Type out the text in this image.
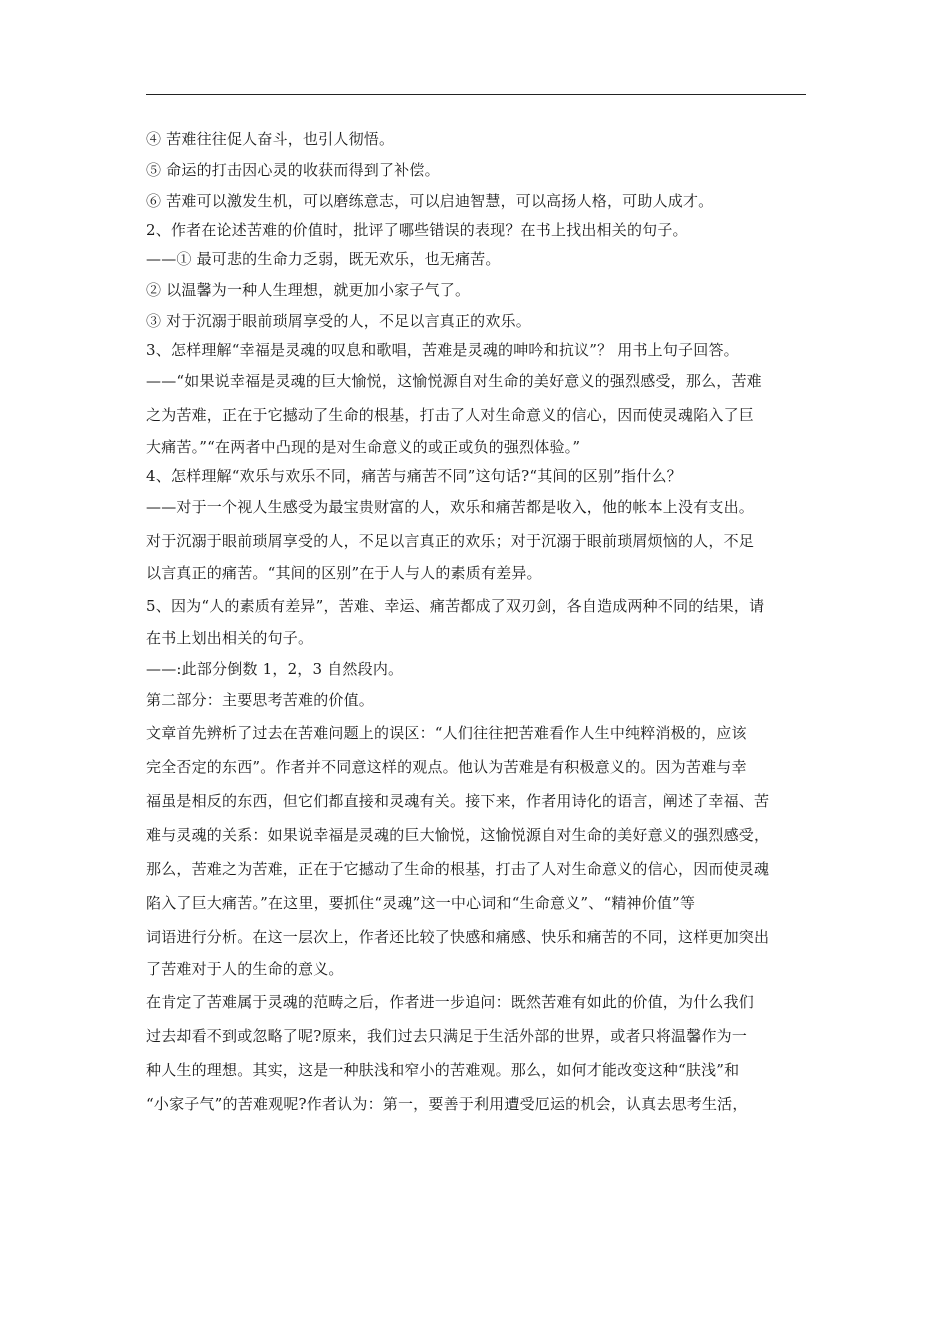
④ 苦难往往促人奋斗，也引人彻悟。
⑤ 命运的打击因心灵的收获而得到了补偿。
⑥ 苦难可以激发生机，可以磨练意志，可以启迪智慧，可以高扬人格，可助人成才。
2、作者在论述苦难的价值时，批评了哪些错误的表现？在书上找出相关的句子。
——① 最可悲的生命力乏弱，既无欢乐，也无痛苦。
② 以温馨为一种人生理想，就更加小家子气了。
③ 对于沉溺于眼前琐屑享受的人，不足以言真正的欢乐。
3、怎样理解“幸福是灵魂的叹息和歌唱，苦难是灵魂的呻吟和抗议”？ 用书上句子回答。
——“如果说幸福是灵魂的巨大愉悦，这愉悦源自对生命的美好意义的强烈感受，那么，苦难
之为苦难，正在于它撼动了生命的根基，打击了人对生命意义的信心，因而使灵魂陷入了巨
大痛苦。”“在两者中凸现的是对生命意义的或正或负的强烈体验。”
4、怎样理解“欢乐与欢乐不同，痛苦与痛苦不同”这句话?“其间的区别”指什么？
——对于一个视人生感受为最宝贵财富的人，欢乐和痛苦都是收入，他的帐本上没有支出。
对于沉溺于眼前琐屑享受的人，不足以言真正的欢乐；对于沉溺于眼前琐屑烦恼的人，不足
以言真正的痛苦。“其间的区别”在于人与人的素质有差异。
5、因为“人的素质有差异”，苦难、幸运、痛苦都成了双刃剑，各自造成两种不同的结果，请
在书上划出相关的句子。
——:此部分倒数 1，2，3 自然段内。
第二部分：主要思考苦难的价值。
文章首先辨析了过去在苦难问题上的误区：“人们往往把苦难看作人生中纯粹消极的，应该
完全否定的东西”。作者并不同意这样的观点。他认为苦难是有积极意义的。因为苦难与幸
福虽是相反的东西，但它们都直接和灵魂有关。接下来，作者用诗化的语言，阐述了幸福、苦
难与灵魂的关系：如果说幸福是灵魂的巨大愉悦，这愉悦源自对生命的美好意义的强烈感受，
那么，苦难之为苦难，正在于它撼动了生命的根基，打击了人对生命意义的信心，因而使灵魂
陷入了巨大痛苦。”在这里，要抓住“灵魂”这一中心词和“生命意义”、“精神价值”等
词语进行分析。在这一层次上，作者还比较了快感和痛感、快乐和痛苦的不同，这样更加突出
了苦难对于人的生命的意义。
在肯定了苦难属于灵魂的范畴之后，作者进一步追问：既然苦难有如此的价值，为什么我们
过去却看不到或忽略了呢?原来，我们过去只满足于生活外部的世界，或者只将温馨作为一
种人生的理想。其实，这是一种肤浅和窄小的苦难观。那么，如何才能改变这种“肤浅”和
“小家子气”的苦难观呢?作者认为：第一，要善于利用遭受厄运的机会，认真去思考生活，
